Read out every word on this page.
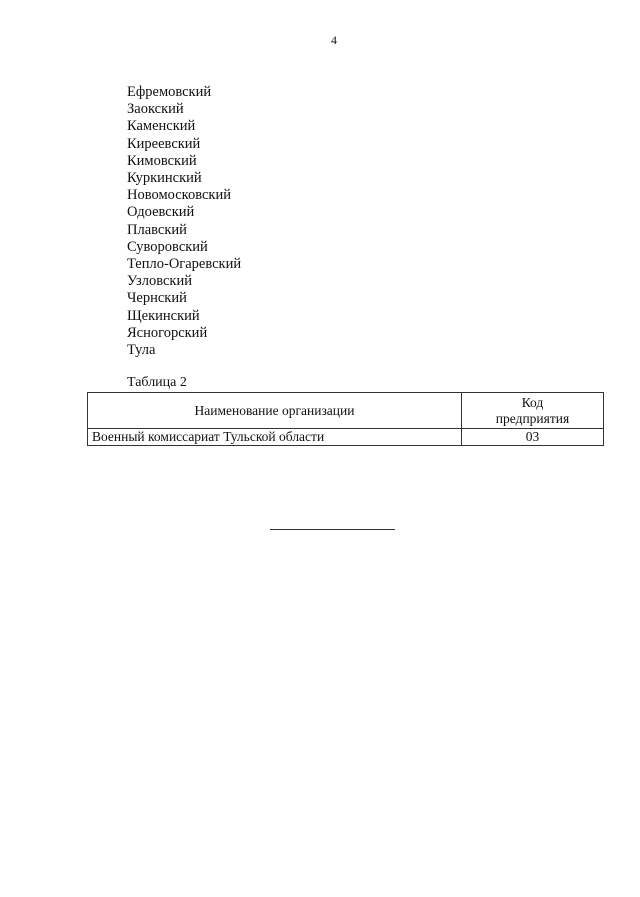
4
Ефремовский
Заокский
Каменский
Киреевский
Кимовский
Куркинский
Новомосковский
Одоевский
Плавский
Суворовский
Тепло-Огаревский
Узловский
Чернский
Щекинский
Ясногорский
Тула
Таблица 2
Наименование организации	Код
предприятия

Военный комиссариат Тульской области	03
